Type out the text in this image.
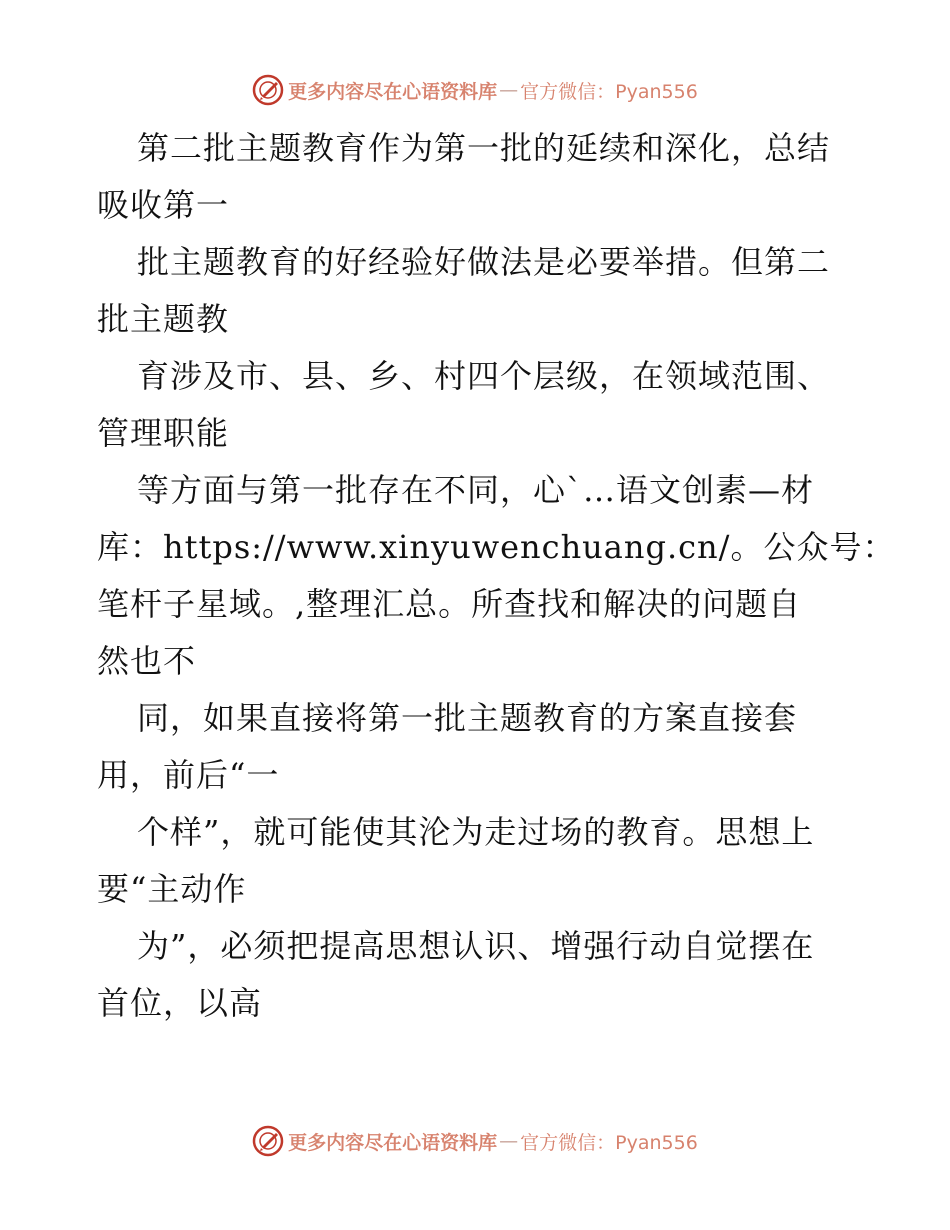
更多内容尽在心语资料库 — 官方微信：Pyan556
第二批主题教育作为第一批的延续和深化，总结
吸收第一
批主题教育的好经验好做法是必要举措。但第二
批主题教
育涉及市、县、乡、村四个层级，在领域范围、
管理职能
等方面与第一批存在不同，心`…语文创素—材
库：https://www.xinyuwenchuang.cn/。公众号：
笔杆子星域。,整理汇总。所查找和解决的问题自
然也不
同，如果直接将第一批主题教育的方案直接套
用，前后“一
个样”，就可能使其沦为走过场的教育。思想上
要“主动作
为”，必须把提高思想认识、增强行动自觉摆在
首位，以高
更多内容尽在心语资料库 — 官方微信：Pyan556
